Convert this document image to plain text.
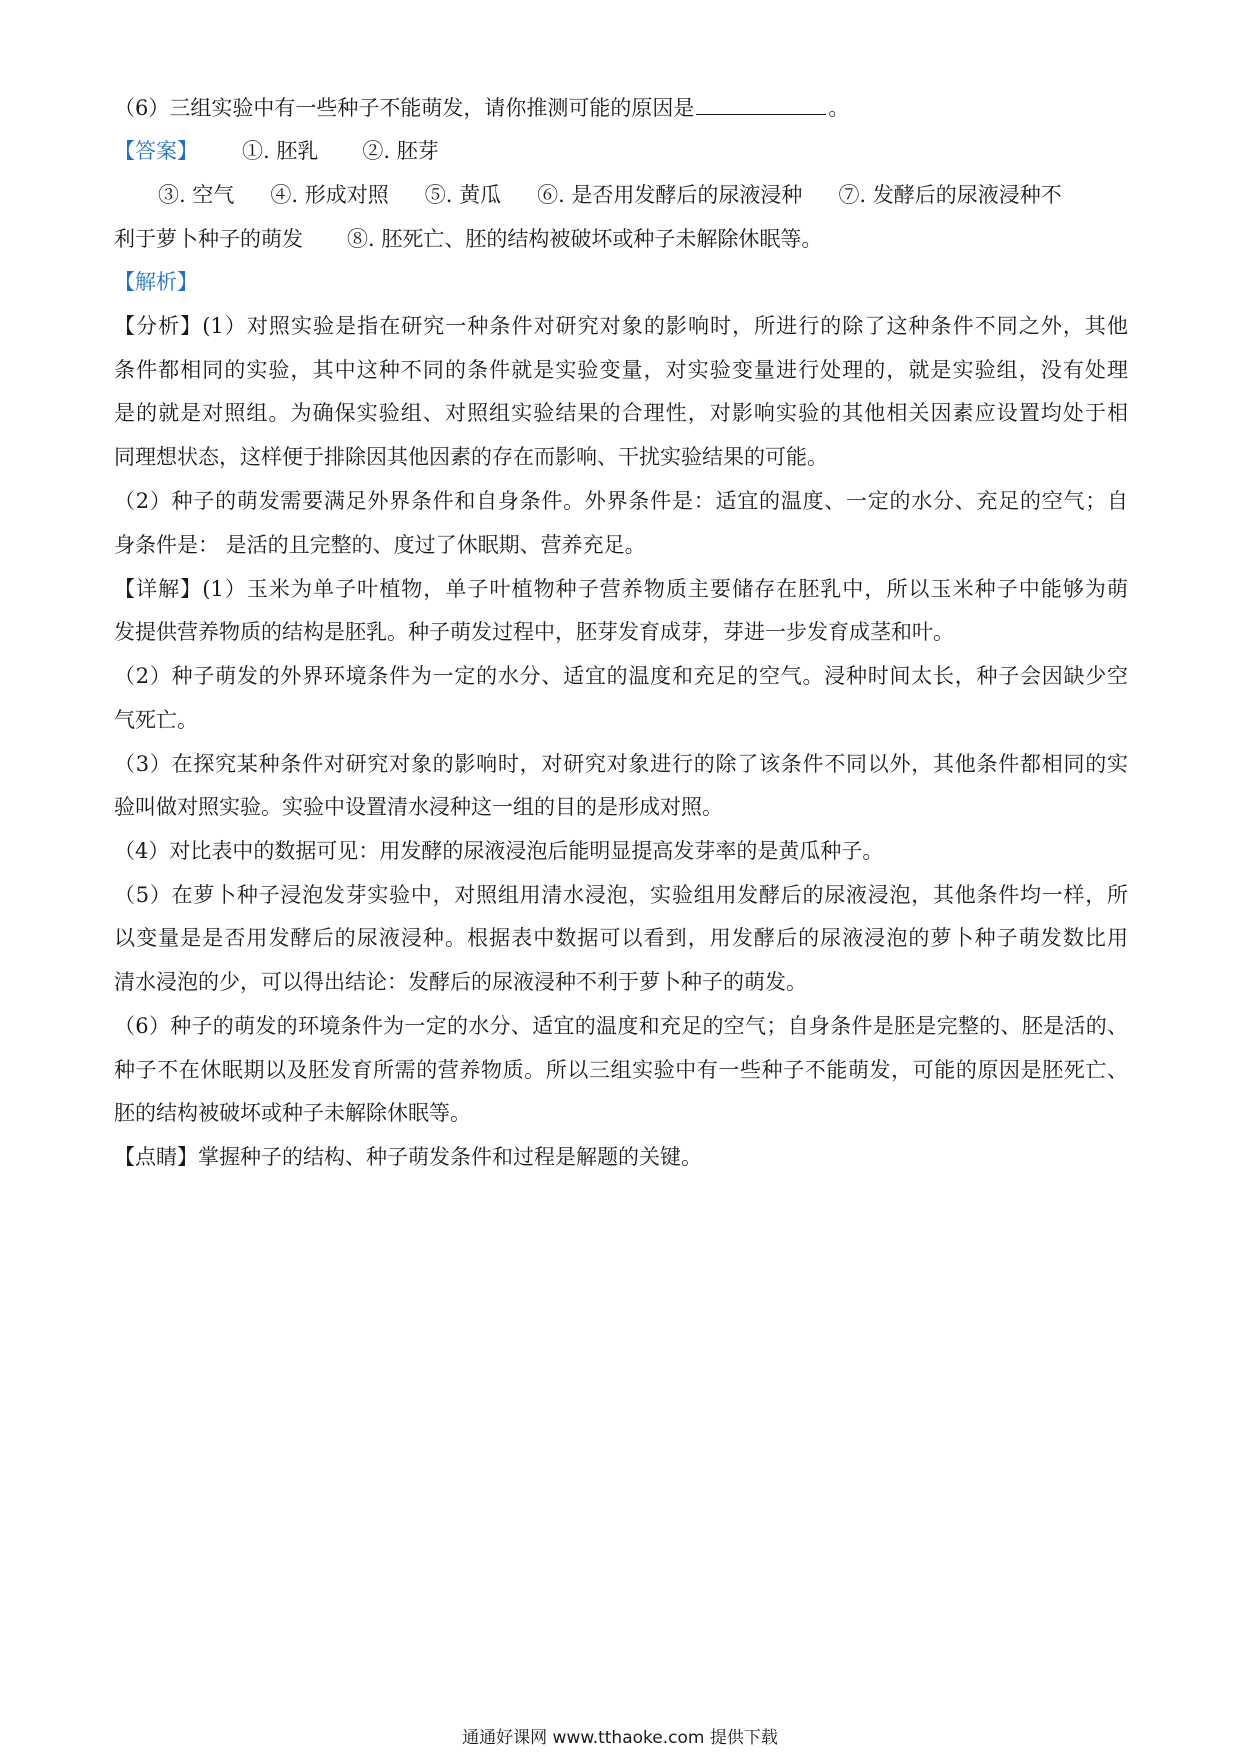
（6）三组实验中有一些种子不能萌发，请你推测可能的原因是	。
【答案】 ①. 胚乳 ②. 胚芽
③. 空气 ④. 形成对照 ⑤. 黄瓜 ⑥. 是否用发酵后的尿液浸种 ⑦. 发酵后的尿液浸种不
利于萝卜种子的萌发 ⑧. 胚死亡、胚的结构被破坏或种子未解除休眠等。
【解析】
【分析】(1）对照实验是指在研究一种条件对研究对象的影响时，所进行的除了这种条件不同之外，其他
条件都相同的实验，其中这种不同的条件就是实验变量，对实验变量进行处理的，就是实验组，没有处理
是的就是对照组。为确保实验组、对照组实验结果的合理性，对影响实验的其他相关因素应设置均处于相
同理想状态，这样便于排除因其他因素的存在而影响、干扰实验结果的可能。
（2）种子的萌发需要满足外界条件和自身条件。外界条件是：适宜的温度、一定的水分、充足的空气；自
身条件是： 是活的且完整的、度过了休眠期、营养充足。
【详解】(1）玉米为单子叶植物，单子叶植物种子营养物质主要储存在胚乳中，所以玉米种子中能够为萌
发提供营养物质的结构是胚乳。种子萌发过程中，胚芽发育成芽，芽进一步发育成茎和叶。
（2）种子萌发的外界环境条件为一定的水分、适宜的温度和充足的空气。浸种时间太长，种子会因缺少空
气死亡。
（3）在探究某种条件对研究对象的影响时，对研究对象进行的除了该条件不同以外，其他条件都相同的实
验叫做对照实验。实验中设置清水浸种这一组的目的是形成对照。
（4）对比表中的数据可见：用发酵的尿液浸泡后能明显提高发芽率的是黄瓜种子。
（5）在萝卜种子浸泡发芽实验中，对照组用清水浸泡，实验组用发酵后的尿液浸泡，其他条件均一样，所
以变量是是否用发酵后的尿液浸种。根据表中数据可以看到，用发酵后的尿液浸泡的萝卜种子萌发数比用
清水浸泡的少，可以得出结论：发酵后的尿液浸种不利于萝卜种子的萌发。
（6）种子的萌发的环境条件为一定的水分、适宜的温度和充足的空气；自身条件是胚是完整的、胚是活的、
种子不在休眠期以及胚发育所需的营养物质。所以三组实验中有一些种子不能萌发，可能的原因是胚死亡、
胚的结构被破坏或种子未解除休眠等。
【点睛】掌握种子的结构、种子萌发条件和过程是解题的关键。
通通好课网 www.tthaoke.com 提供下载
